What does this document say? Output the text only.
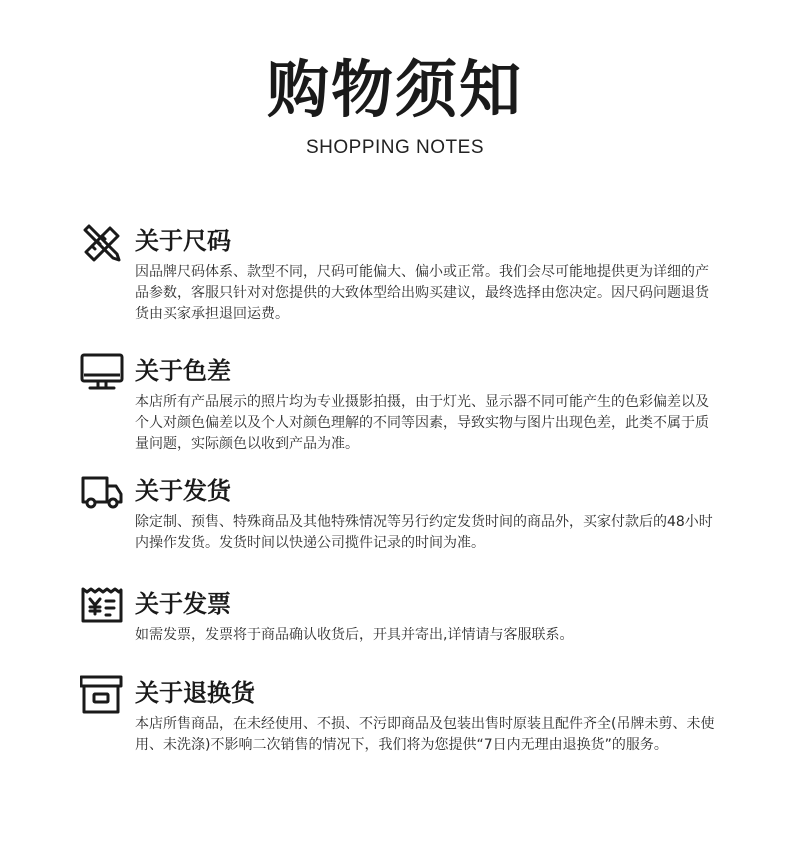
购物须知
SHOPPING NOTES
关于尺码

因品牌尺码体系、款型不同，尺码可能偏大、偏小或正常。我们会尽可能地提供更为详细的产品参数，客服只针对对您提供的大致体型给出购买建议，最终选择由您决定。因尺码问题退货货由买家承担退回运费。

关于色差

本店所有产品展示的照片均为专业摄影拍摄，由于灯光、显示器不同可能产生的色彩偏差以及个人对颜色偏差以及个人对颜色理解的不同等因素，导致实物与图片出现色差，此类不属于质量问题，实际颜色以收到产品为准。

关于发货

除定制、预售、特殊商品及其他特殊情况等另行约定发货时间的商品外，买家付款后的48小时内操作发货。发货时间以快递公司揽件记录的时间为准。

关于发票

如需发票，发票将于商品确认收货后，开具并寄出,详情请与客服联系。

关于退换货

本店所售商品，在未经使用、不损、不污即商品及包装出售时原装且配件齐全(吊牌未剪、未使用、未洗涤)不影响二次销售的情况下，我们将为您提供“7日内无理由退换货”的服务。
